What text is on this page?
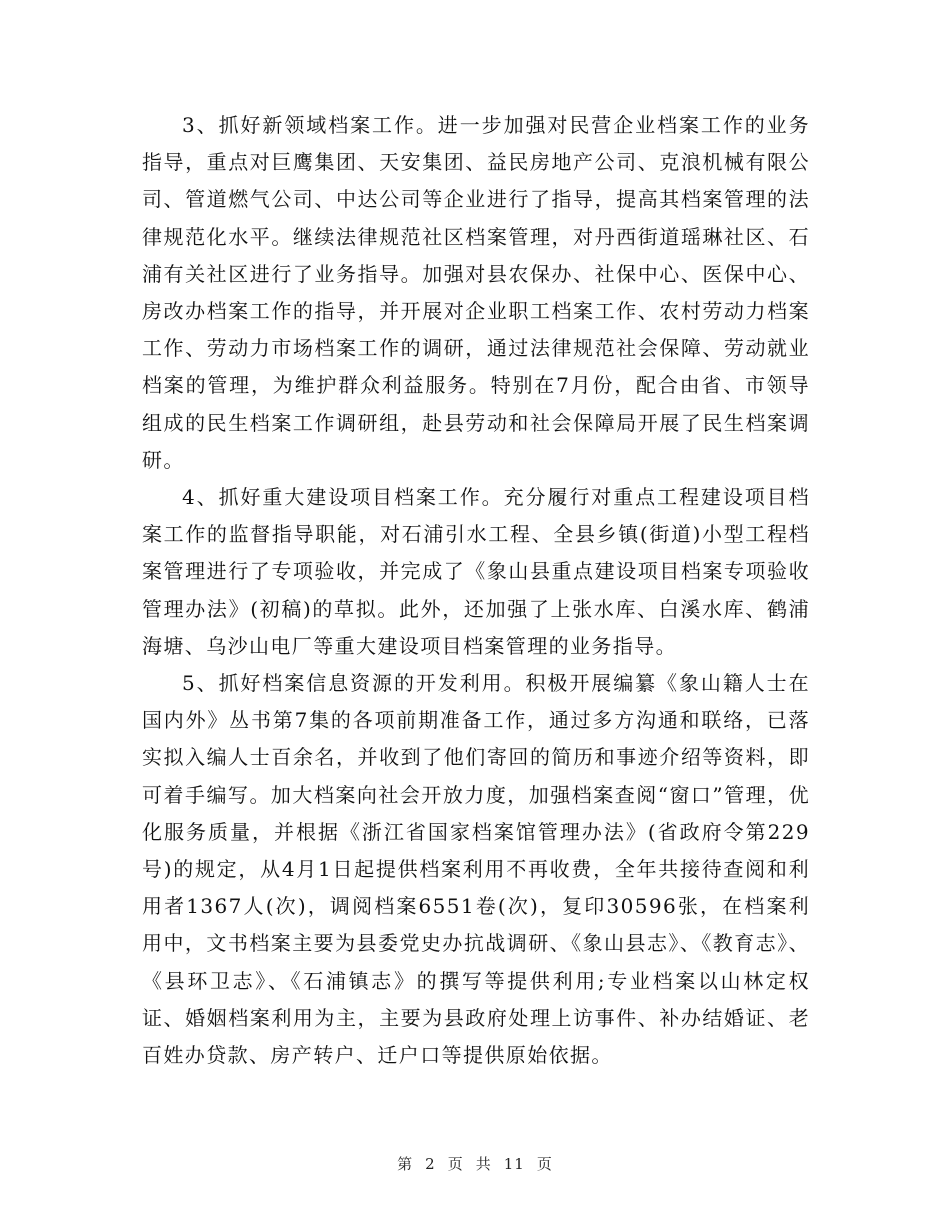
3、抓好新领域档案工作。进一步加强对民营企业档案工作的业务指导，重点对巨鹰集团、天安集团、益民房地产公司、克浪机械有限公司、管道燃气公司、中达公司等企业进行了指导，提高其档案管理的法律规范化水平。继续法律规范社区档案管理，对丹西街道瑶琳社区、石浦有关社区进行了业务指导。加强对县农保办、社保中心、医保中心、房改办档案工作的指导，并开展对企业职工档案工作、农村劳动力档案工作、劳动力市场档案工作的调研，通过法律规范社会保障、劳动就业档案的管理，为维护群众利益服务。特别在7月份，配合由省、市领导组成的民生档案工作调研组，赴县劳动和社会保障局开展了民生档案调研。

4、抓好重大建设项目档案工作。充分履行对重点工程建设项目档案工作的监督指导职能，对石浦引水工程、全县乡镇(街道)小型工程档案管理进行了专项验收，并完成了《象山县重点建设项目档案专项验收管理办法》(初稿)的草拟。此外，还加强了上张水库、白溪水库、鹤浦海塘、乌沙山电厂等重大建设项目档案管理的业务指导。

5、抓好档案信息资源的开发利用。积极开展编纂《象山籍人士在国内外》丛书第7集的各项前期准备工作，通过多方沟通和联络，已落实拟入编人士百余名，并收到了他们寄回的简历和事迹介绍等资料，即可着手编写。加大档案向社会开放力度，加强档案查阅“窗口”管理，优化服务质量，并根据《浙江省国家档案馆管理办法》(省政府令第229号)的规定，从4月1日起提供档案利用不再收费，全年共接待查阅和利用者1367人(次)，调阅档案6551卷(次)，复印30596张，在档案利用中，文书档案主要为县委党史办抗战调研、《象山县志》、《教育志》、《县环卫志》、《石浦镇志》的撰写等提供利用;专业档案以山林定权证、婚姻档案利用为主，主要为县政府处理上访事件、补办结婚证、老百姓办贷款、房产转户、迁户口等提供原始依据。

第 2 页 共 11 页
